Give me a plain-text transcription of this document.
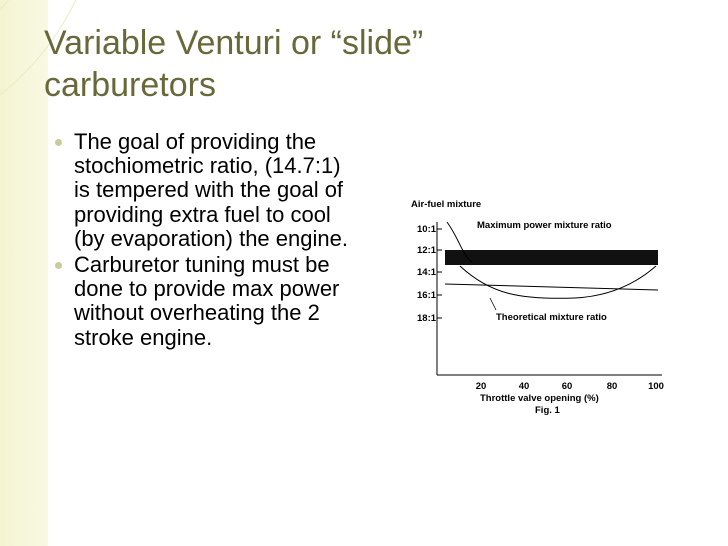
Variable Venturi or “slide”
carburetors
The goal of providing the stochiometric ratio, (14.7:1) is tempered with the goal of providing extra fuel to cool (by evaporation) the engine.
Carburetor tuning must be done to provide max power without overheating the 2 stroke engine.
Air-fuel mixture
10:1
12:1
14:1
16:1
18:1
Maximum power mixture ratio
Theoretical mixture ratio
20	40	60	80	100
Throttle valve opening (%)
Fig. 1
